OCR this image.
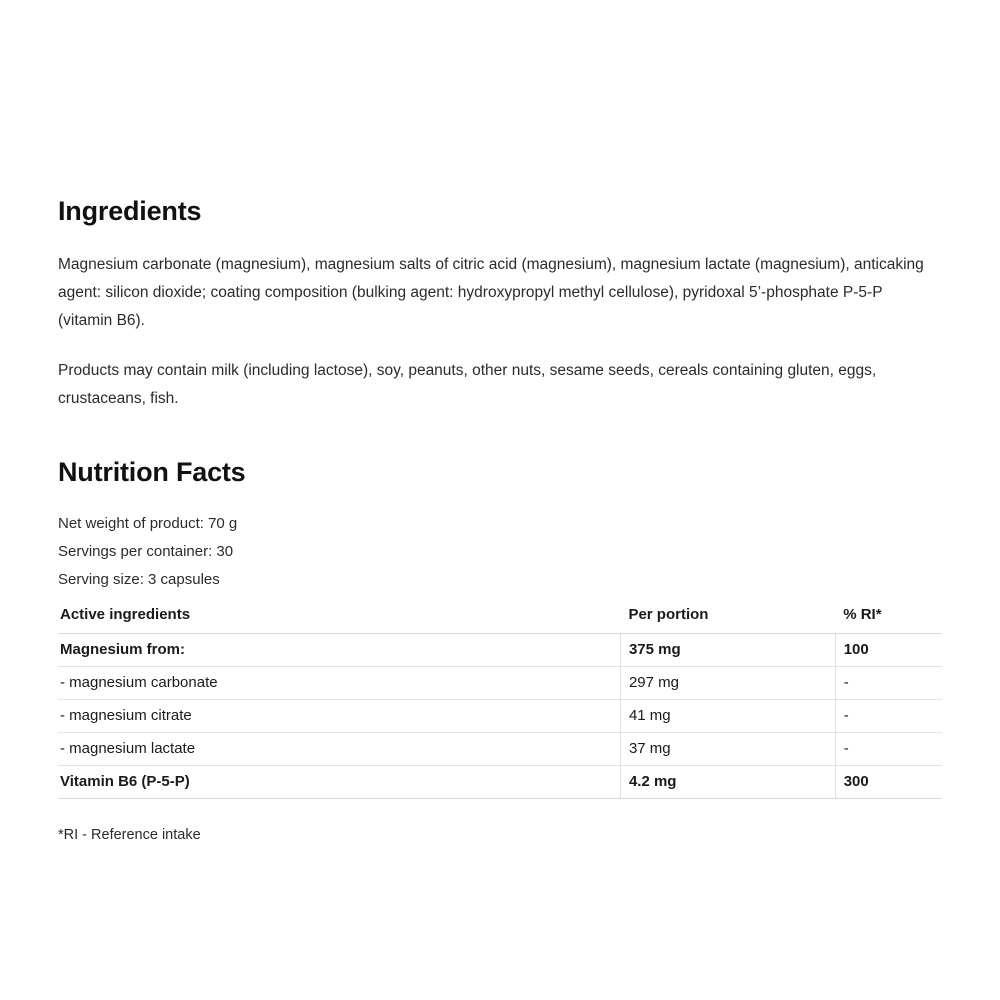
Ingredients

Magnesium carbonate (magnesium), magnesium salts of citric acid (magnesium), magnesium lactate (magnesium), anticaking agent: silicon dioxide; coating composition (bulking agent: hydroxypropyl methyl cellulose), pyridoxal 5’-phosphate P-5-P (vitamin B6).

Products may contain milk (including lactose), soy, peanuts, other nuts, sesame seeds, cereals containing gluten, eggs, crustaceans, fish.

Nutrition Facts
Net weight of product: 70 g
Servings per container: 30
Serving size: 3 capsules
Active ingredients	Per portion	% RI*
Magnesium from:	375 mg	100
- magnesium carbonate	297 mg	-
- magnesium citrate	41 mg	-
- magnesium lactate	37 mg	-
Vitamin B6 (P-5-P)	4.2 mg	300
*RI - Reference intake
